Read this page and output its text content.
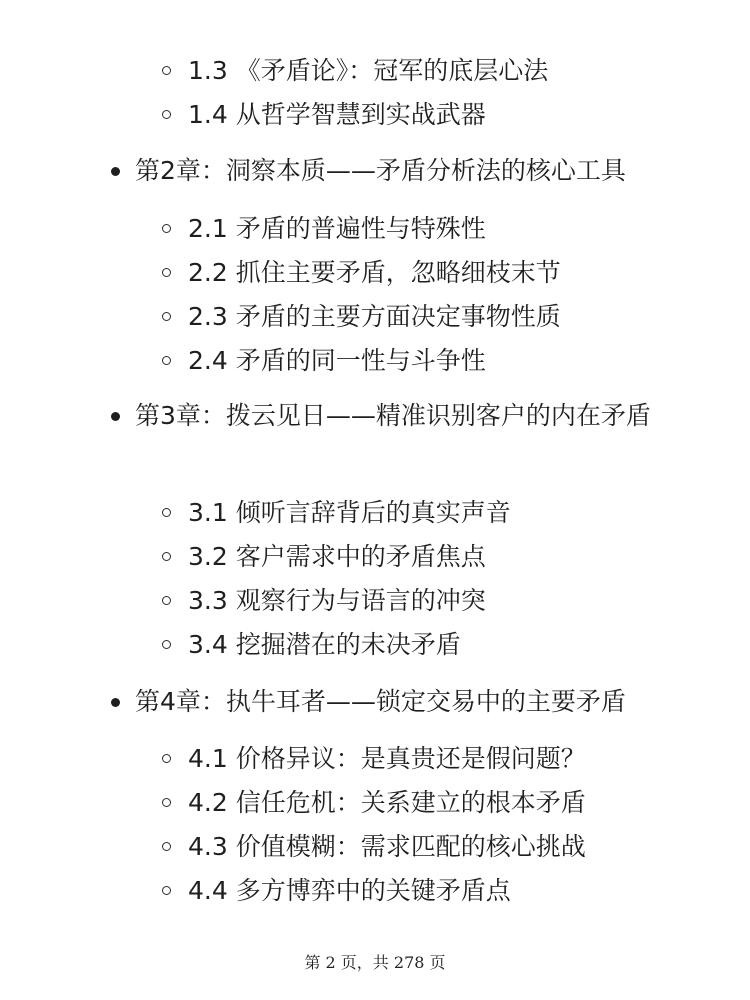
1.3 《矛盾论》：冠军的底层心法
1.4 从哲学智慧到实战武器
第2章：洞察本质——矛盾分析法的核心工具
2.1 矛盾的普遍性与特殊性
2.2 抓住主要矛盾，忽略细枝末节
2.3 矛盾的主要方面决定事物性质
2.4 矛盾的同一性与斗争性
第3章：拨云见日——精准识别客户的内在矛盾
3.1 倾听言辞背后的真实声音
3.2 客户需求中的矛盾焦点
3.3 观察行为与语言的冲突
3.4 挖掘潜在的未决矛盾
第4章：执牛耳者——锁定交易中的主要矛盾
4.1 价格异议：是真贵还是假问题？
4.2 信任危机：关系建立的根本矛盾
4.3 价值模糊：需求匹配的核心挑战
4.4 多方博弈中的关键矛盾点
第 2 页，共 278 页
